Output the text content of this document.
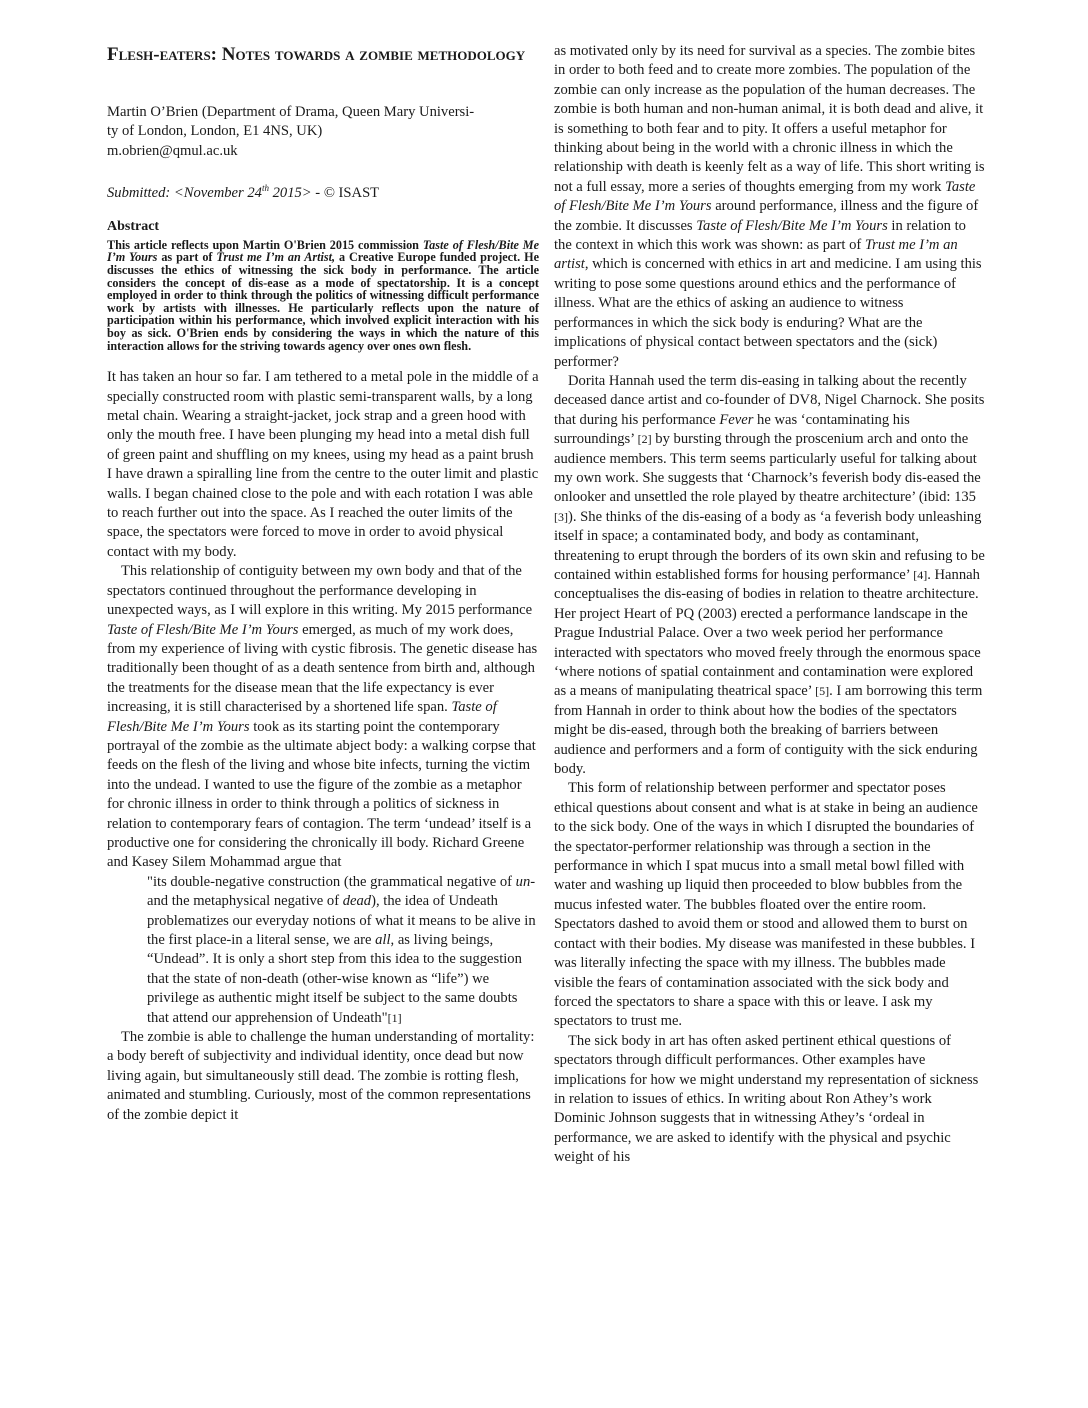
Flesh-eaters: Notes towards a zombie methodology
Martin O’Brien (Department of Drama, Queen Mary Universi-
ty of London, London, E1 4NS, UK)
m.obrien@qmul.ac.uk
Submitted: <November 24th 2015> - © ISAST
Abstract

This article reflects upon Martin O'Brien 2015 commission Taste of Flesh/Bite Me I’m Yours as part of Trust me I’m an Artist, a Creative Europe funded project. He discusses the ethics of witnessing the sick body in performance. The article considers the concept of dis-ease as a mode of spectatorship. It is a concept employed in order to think through the politics of witnessing difficult performance work by artists with illnesses. He particularly reflects upon the nature of participation within his performance, which involved explicit interaction with his boy as sick. O'Brien ends by considering the ways in which the nature of this interaction allows for the striving towards agency over ones own flesh.

It has taken an hour so far. I am tethered to a metal pole in the middle of a specially constructed room with plastic semi-transparent walls, by a long metal chain. Wearing a straight-jacket, jock strap and a green hood with only the mouth free. I have been plunging my head into a metal dish full of green paint and shuffling on my knees, using my head as a paint brush I have drawn a spiralling line from the centre to the outer limit and plastic walls. I began chained close to the pole and with each rotation I was able to reach further out into the space. As I reached the outer limits of the space, the spectators were forced to move in order to avoid physical contact with my body.

This relationship of contiguity between my own body and that of the spectators continued throughout the performance developing in unexpected ways, as I will explore in this writing. My 2015 performance Taste of Flesh/Bite Me I’m Yours emerged, as much of my work does, from my experience of living with cystic fibrosis. The genetic disease has traditionally been thought of as a death sentence from birth and, although the treatments for the disease mean that the life expectancy is ever increasing, it is still characterised by a shortened life span. Taste of Flesh/Bite Me I’m Yours took as its starting point the contemporary portrayal of the zombie as the ultimate abject body: a walking corpse that feeds on the flesh of the living and whose bite infects, turning the victim into the undead. I wanted to use the figure of the zombie as a metaphor for chronic illness in order to think through a politics of sickness in relation to contemporary fears of contagion. The term ‘undead’ itself is a productive one for considering the chronically ill body. Richard Greene and Kasey Silem Mohammad argue that

"its double-negative construction (the grammatical negative of un- and the metaphysical negative of dead), the idea of Undeath problematizes our everyday notions of what it means to be alive in the first place-in a literal sense, we are all, as living beings, “Undead”. It is only a short step from this idea to the suggestion that the state of non-death (other-wise known as “life”) we privilege as authentic might itself be subject to the same doubts that attend our apprehension of Undeath"[1]

The zombie is able to challenge the human understanding of mortality: a body bereft of subjectivity and individual identity, once dead but now living again, but simultaneously still dead. The zombie is rotting flesh, animated and stumbling. Curiously, most of the common representations of the zombie depict it

as motivated only by its need for survival as a species. The zombie bites in order to both feed and to create more zombies. The population of the zombie can only increase as the population of the human decreases. The zombie is both human and non-human animal, it is both dead and alive, it is something to both fear and to pity. It offers a useful metaphor for thinking about being in the world with a chronic illness in which the relationship with death is keenly felt as a way of life. This short writing is not a full essay, more a series of thoughts emerging from my work Taste of Flesh/Bite Me I’m Yours around performance, illness and the figure of the zombie. It discusses Taste of Flesh/Bite Me I’m Yours in relation to the context in which this work was shown: as part of Trust me I’m an artist, which is concerned with ethics in art and medicine. I am using this writing to pose some questions around ethics and the performance of illness. What are the ethics of asking an audience to witness performances in which the sick body is enduring? What are the implications of physical contact between spectators and the (sick) performer?

Dorita Hannah used the term dis-easing in talking about the recently deceased dance artist and co-founder of DV8, Nigel Charnock. She posits that during his performance Fever he was ‘contaminating his surroundings’ [2] by bursting through the proscenium arch and onto the audience members. This term seems particularly useful for talking about my own work. She suggests that ‘Charnock’s feverish body dis-eased the onlooker and unsettled the role played by theatre architecture’ (ibid: 135 [3]). She thinks of the dis-easing of a body as ‘a feverish body unleashing itself in space; a contaminated body, and body as contaminant, threatening to erupt through the borders of its own skin and refusing to be contained within established forms for housing performance’ [4]. Hannah conceptualises the dis-easing of bodies in relation to theatre architecture. Her project Heart of PQ (2003) erected a performance landscape in the Prague Industrial Palace. Over a two week period her performance interacted with spectators who moved freely through the enormous space ‘where notions of spatial containment and contamination were explored as a means of manipulating theatrical space’ [5]. I am borrowing this term from Hannah in order to think about how the bodies of the spectators might be dis-eased, through both the breaking of barriers between audience and performers and a form of contiguity with the sick enduring body.

This form of relationship between performer and spectator poses ethical questions about consent and what is at stake in being an audience to the sick body. One of the ways in which I disrupted the boundaries of the spectator-performer relationship was through a section in the performance in which I spat mucus into a small metal bowl filled with water and washing up liquid then proceeded to blow bubbles from the mucus infested water. The bubbles floated over the entire room. Spectators dashed to avoid them or stood and allowed them to burst on contact with their bodies. My disease was manifested in these bubbles. I was literally infecting the space with my illness. The bubbles made visible the fears of contamination associated with the sick body and forced the spectators to share a space with this or leave. I ask my spectators to trust me.

The sick body in art has often asked pertinent ethical questions of spectators through difficult performances. Other examples have implications for how we might understand my representation of sickness in relation to issues of ethics. In writing about Ron Athey’s work Dominic Johnson suggests that in witnessing Athey’s ‘ordeal in performance, we are asked to identify with the physical and psychic weight of his
